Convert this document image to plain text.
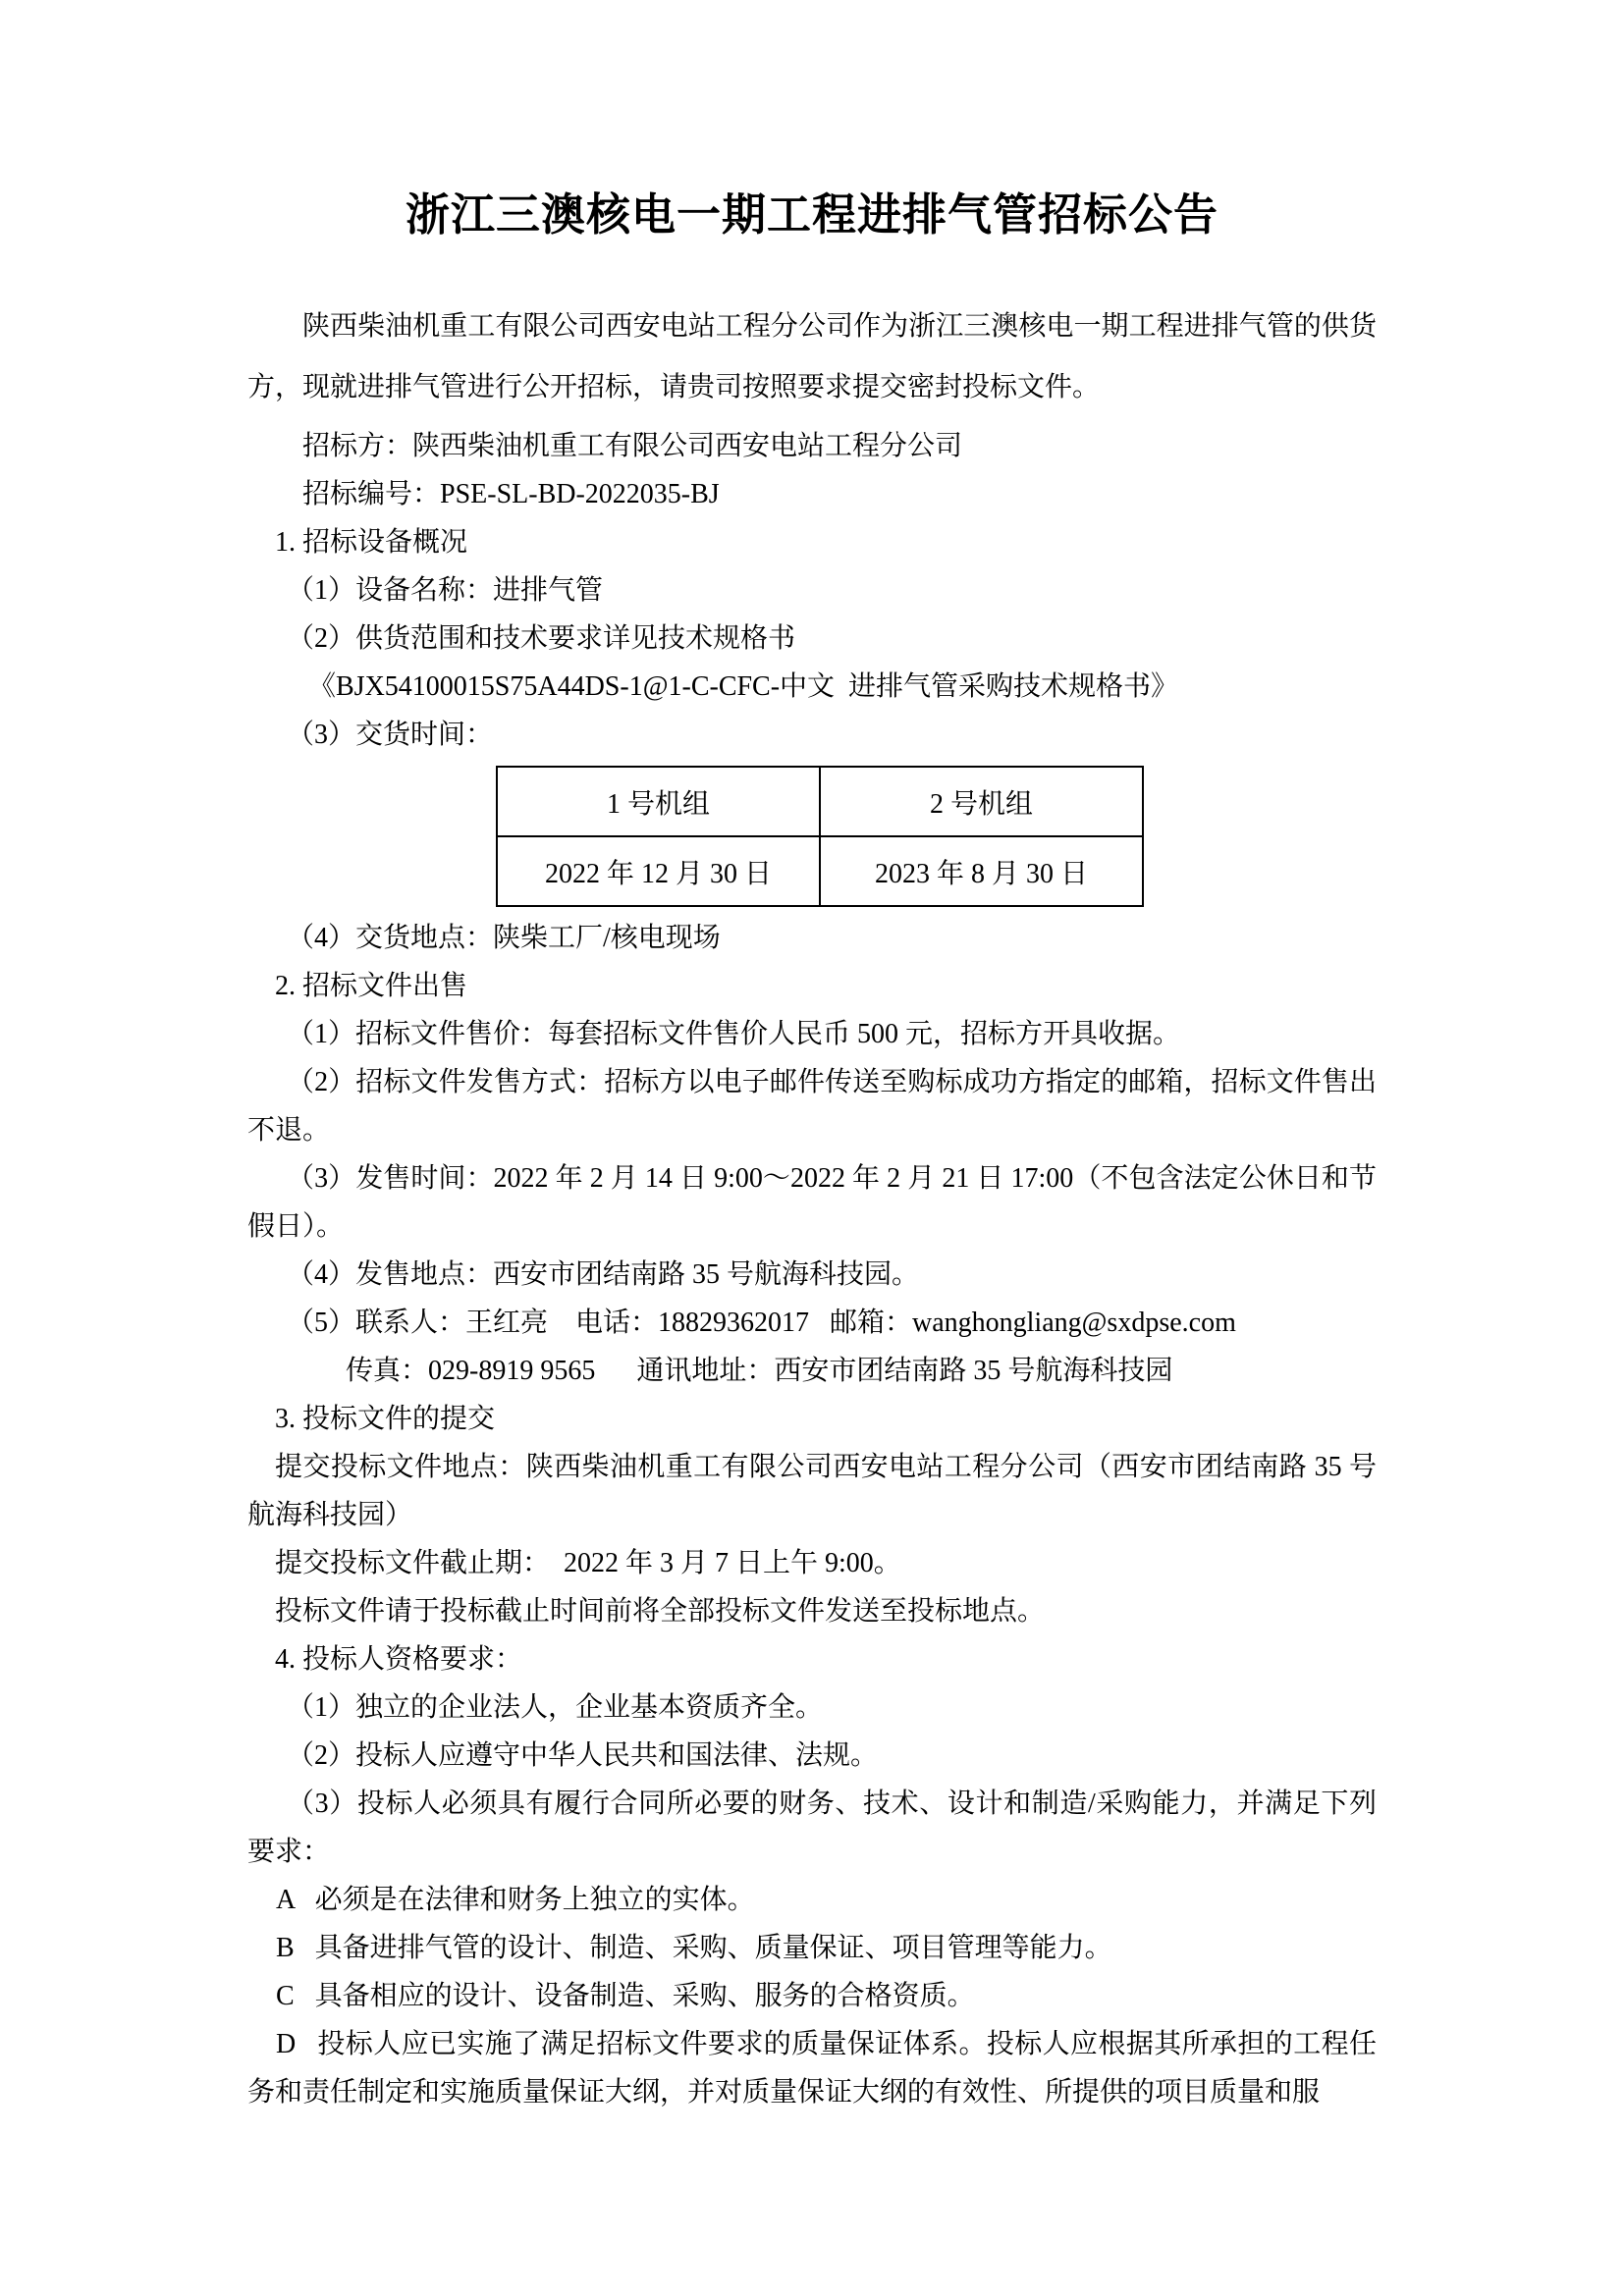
浙江三澳核电一期工程进排气管招标公告

陕西柴油机重工有限公司西安电站工程分公司作为浙江三澳核电一期工程进排气管的供货方，现就进排气管进行公开招标，请贵司按照要求提交密封投标文件。

招标方：陕西柴油机重工有限公司西安电站工程分公司

招标编号：PSE-SL-BD-2022035-BJ

1. 招标设备概况

（1）设备名称：进排气管

（2）供货范围和技术要求详见技术规格书

《BJX54100015S75A44DS-1@1-C-CFC-中文  进排气管采购技术规格书》

（3）交货时间：

1 号机组	2 号机组
2022 年 12 月 30 日	2023 年 8 月 30 日

（4）交货地点：陕柴工厂/核电现场

2. 招标文件出售

（1）招标文件售价：每套招标文件售价人民币 500 元，招标方开具收据。

（2）招标文件发售方式：招标方以电子邮件传送至购标成功方指定的邮箱，招标文件售出不退。

（3）发售时间：2022 年 2 月 14 日 9:00～2022 年 2 月 21 日 17:00（不包含法定公休日和节假日）。

（4）发售地点：西安市团结南路 35 号航海科技园。

（5）联系人：王红亮    电话：18829362017   邮箱：wanghongliang@sxdpse.com

传真：029-8919 9565      通讯地址：西安市团结南路 35 号航海科技园

3. 投标文件的提交

提交投标文件地点：陕西柴油机重工有限公司西安电站工程分公司（西安市团结南路 35 号航海科技园）

提交投标文件截止期：  2022 年 3 月 7 日上午 9:00。

投标文件请于投标截止时间前将全部投标文件发送至投标地点。

4. 投标人资格要求：

（1）独立的企业法人，企业基本资质齐全。

（2）投标人应遵守中华人民共和国法律、法规。

（3）投标人必须具有履行合同所必要的财务、技术、设计和制造/采购能力，并满足下列要求：

A   必须是在法律和财务上独立的实体。

B   具备进排气管的设计、制造、采购、质量保证、项目管理等能力。

C   具备相应的设计、设备制造、采购、服务的合格资质。

D   投标人应已实施了满足招标文件要求的质量保证体系。投标人应根据其所承担的工程任务和责任制定和实施质量保证大纲，并对质量保证大纲的有效性、所提供的项目质量和服
